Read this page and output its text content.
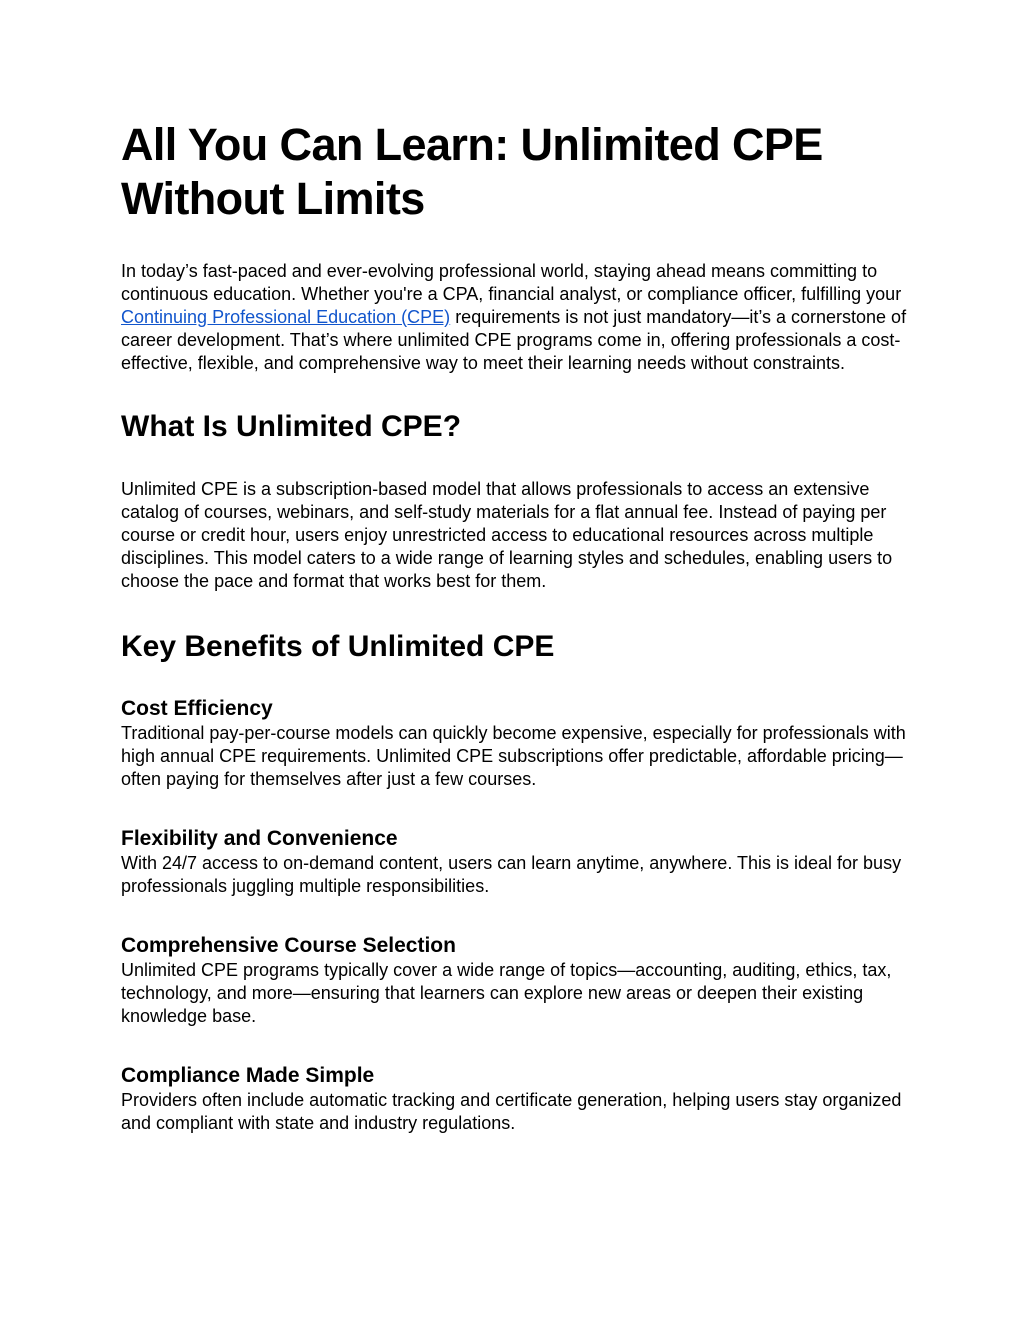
All You Can Learn: Unlimited CPE Without Limits

In today’s fast-paced and ever-evolving professional world, staying ahead means committing to continuous education. Whether you're a CPA, financial analyst, or compliance officer, fulfilling your Continuing Professional Education (CPE) requirements is not just mandatory—it’s a cornerstone of career development. That’s where unlimited CPE programs come in, offering professionals a cost-effective, flexible, and comprehensive way to meet their learning needs without constraints.

What Is Unlimited CPE?

Unlimited CPE is a subscription-based model that allows professionals to access an extensive catalog of courses, webinars, and self-study materials for a flat annual fee. Instead of paying per course or credit hour, users enjoy unrestricted access to educational resources across multiple disciplines. This model caters to a wide range of learning styles and schedules, enabling users to choose the pace and format that works best for them.

Key Benefits of Unlimited CPE
Cost Efficiency

Traditional pay-per-course models can quickly become expensive, especially for professionals with high annual CPE requirements. Unlimited CPE subscriptions offer predictable, affordable pricing—often paying for themselves after just a few courses.

Flexibility and Convenience

With 24/7 access to on-demand content, users can learn anytime, anywhere. This is ideal for busy professionals juggling multiple responsibilities.

Comprehensive Course Selection

Unlimited CPE programs typically cover a wide range of topics—accounting, auditing, ethics, tax, technology, and more—ensuring that learners can explore new areas or deepen their existing knowledge base.

Compliance Made Simple

Providers often include automatic tracking and certificate generation, helping users stay organized and compliant with state and industry regulations.
